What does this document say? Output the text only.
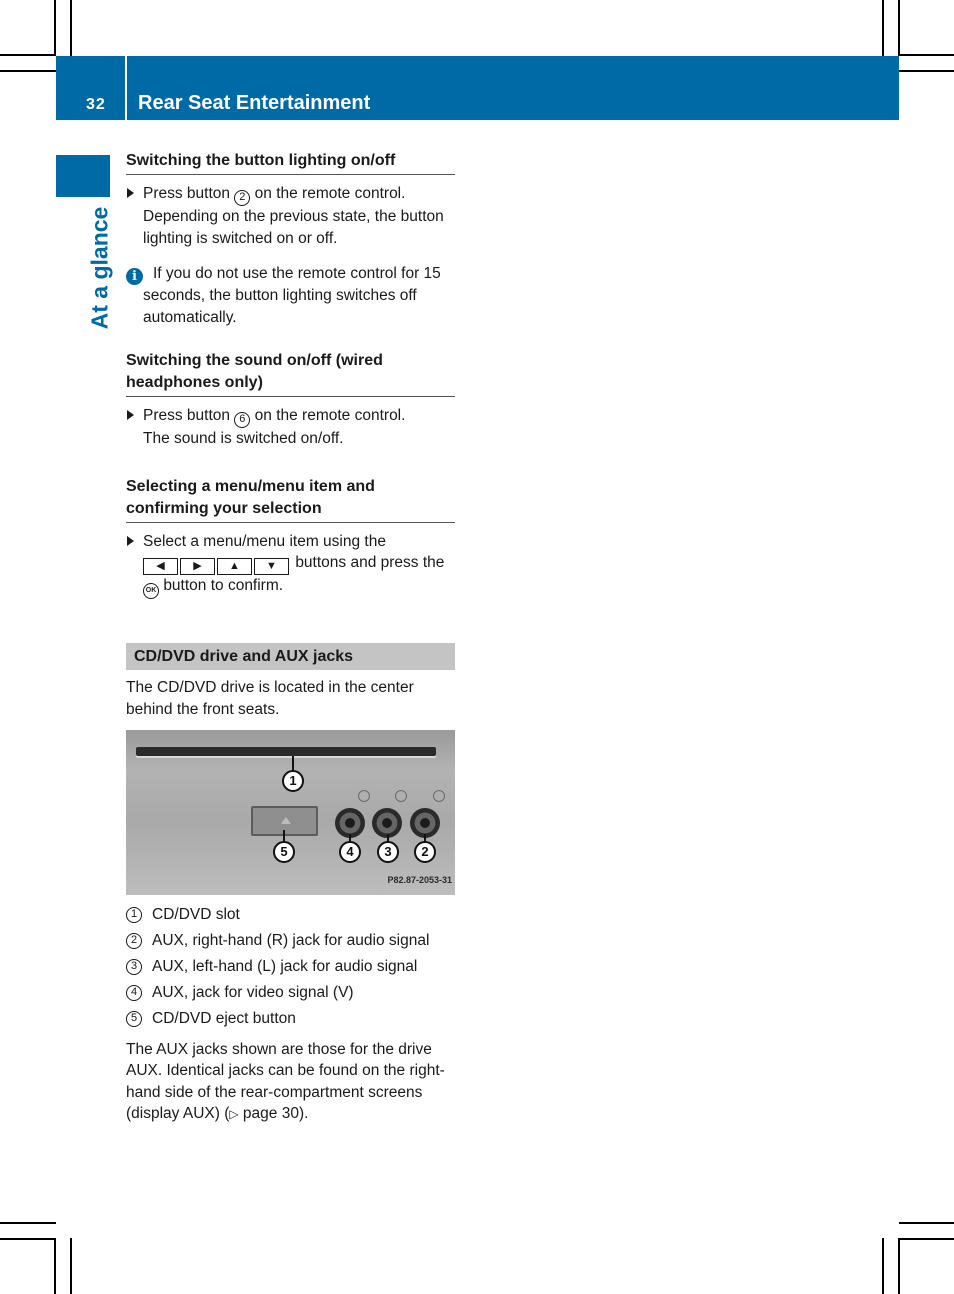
32 Rear Seat Entertainment
At a glance
Switching the button lighting on/off
Press button 2 on the remote control.
Depending on the previous state, the button lighting is switched on or off.
i If you do not use the remote control for 15 seconds, the button lighting switches off automatically.
Switching the sound on/off (wired headphones only)
Press button 6 on the remote control.
The sound is switched on/off.
Selecting a menu/menu item and confirming your selection
Select a menu/menu item using the
◀	▶ ▲ ▼ buttons and press the OK button to confirm.
CD/DVD drive and AUX jacks
The CD/DVD drive is located in the center behind the front seats.
1
5	4	3	2
P82.87-2053-31
1 CD/DVD slot
2 AUX, right-hand (R) jack for audio signal
3 AUX, left-hand (L) jack for audio signal
4 AUX, jack for video signal (V)
5 CD/DVD eject button
The AUX jacks shown are those for the drive AUX. Identical jacks can be found on the right-hand side of the rear-compartment screens (display AUX) (▷ page 30).
